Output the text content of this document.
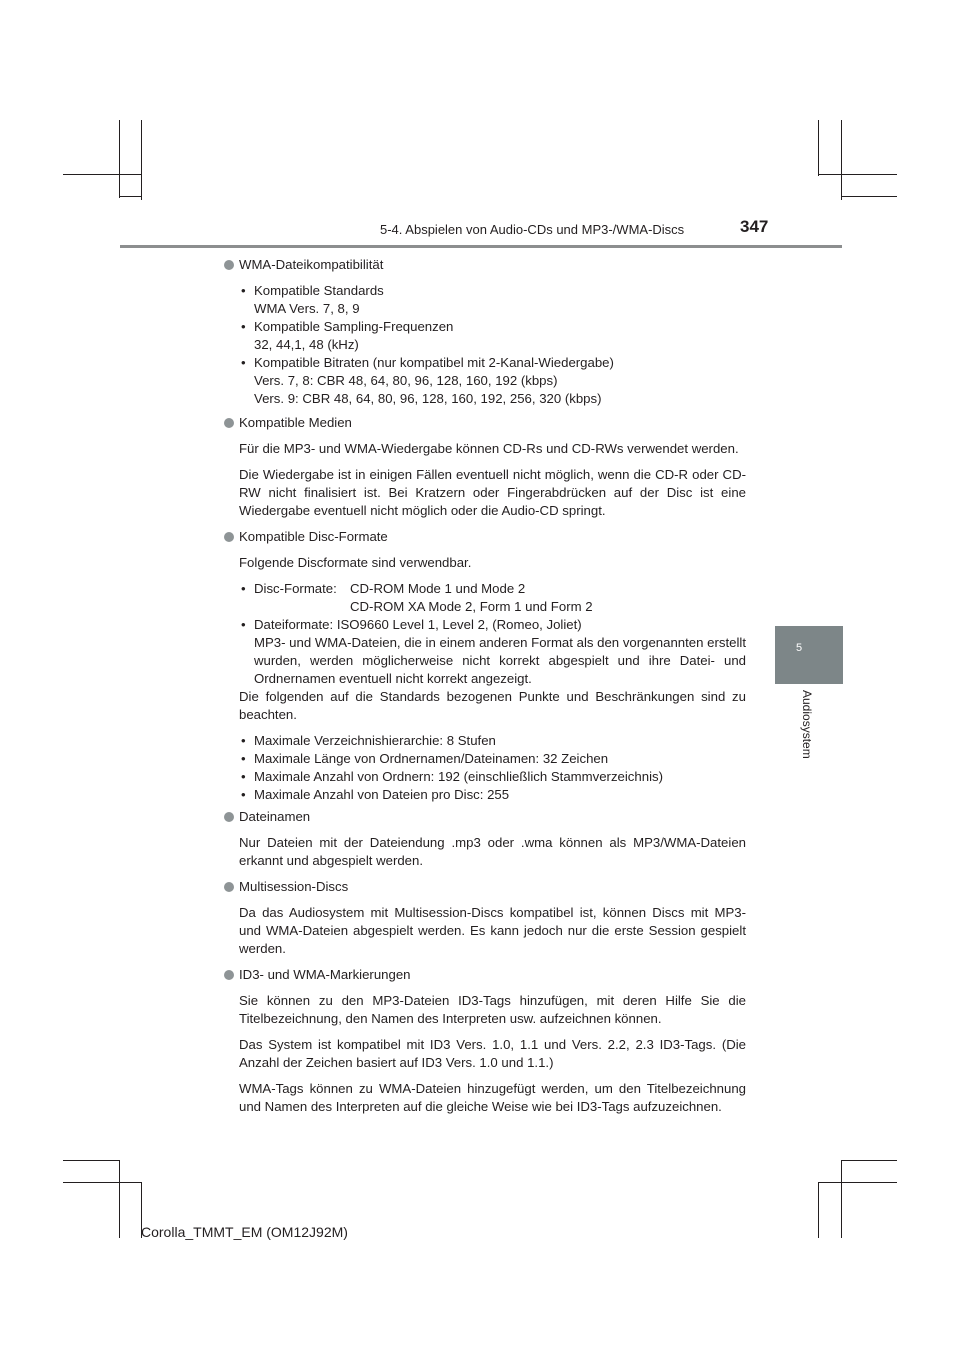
5-4. Abspielen von Audio-CDs und MP3-/WMA-Discs	347
5
Audiosystem
WMA-Dateikompatibilität
• Kompatible Standards
WMA Vers. 7, 8, 9
• Kompatible Sampling-Frequenzen
32, 44,1, 48 (kHz)
• Kompatible Bitraten (nur kompatibel mit 2-Kanal-Wiedergabe)
Vers. 7, 8: CBR 48, 64, 80, 96, 128, 160, 192 (kbps)
Vers. 9: CBR 48, 64, 80, 96, 128, 160, 192, 256, 320 (kbps)
Kompatible Medien
Für die MP3- und WMA-Wiedergabe können CD-Rs und CD-RWs verwendet werden.
Die Wiedergabe ist in einigen Fällen eventuell nicht möglich, wenn die CD-R oder CD-RW nicht finalisiert ist. Bei Kratzern oder Fingerabdrücken auf der Disc ist eine Wiedergabe eventuell nicht möglich oder die Audio-CD springt.
Kompatible Disc-Formate
Folgende Discformate sind verwendbar.
• Disc-Formate:	CD-ROM Mode 1 und Mode 2
CD-ROM XA Mode 2, Form 1 und Form 2
• Dateiformate: ISO9660 Level 1, Level 2, (Romeo, Joliet)
MP3- und WMA-Dateien, die in einem anderen Format als den vorgenannten erstellt wurden, werden möglicherweise nicht korrekt abgespielt und ihre Datei- und Ordnernamen eventuell nicht korrekt angezeigt.
Die folgenden auf die Standards bezogenen Punkte und Beschränkungen sind zu beachten.
• Maximale Verzeichnishierarchie: 8 Stufen
• Maximale Länge von Ordnernamen/Dateinamen: 32 Zeichen
• Maximale Anzahl von Ordnern: 192 (einschließlich Stammverzeichnis)
• Maximale Anzahl von Dateien pro Disc: 255
Dateinamen
Nur Dateien mit der Dateiendung .mp3 oder .wma können als MP3/WMA-Dateien erkannt und abgespielt werden.
Multisession-Discs
Da das Audiosystem mit Multisession-Discs kompatibel ist, können Discs mit MP3- und WMA-Dateien abgespielt werden. Es kann jedoch nur die erste Session gespielt werden.
ID3- und WMA-Markierungen
Sie können zu den MP3-Dateien ID3-Tags hinzufügen, mit deren Hilfe Sie die Titelbezeichnung, den Namen des Interpreten usw. aufzeichnen können.
Das System ist kompatibel mit ID3 Vers. 1.0, 1.1 und Vers. 2.2, 2.3 ID3-Tags. (Die Anzahl der Zeichen basiert auf ID3 Vers. 1.0 und 1.1.)
WMA-Tags können zu WMA-Dateien hinzugefügt werden, um den Titelbezeichnung und Namen des Interpreten auf die gleiche Weise wie bei ID3-Tags aufzuzeichnen.
Corolla_TMMT_EM (OM12J92M)
